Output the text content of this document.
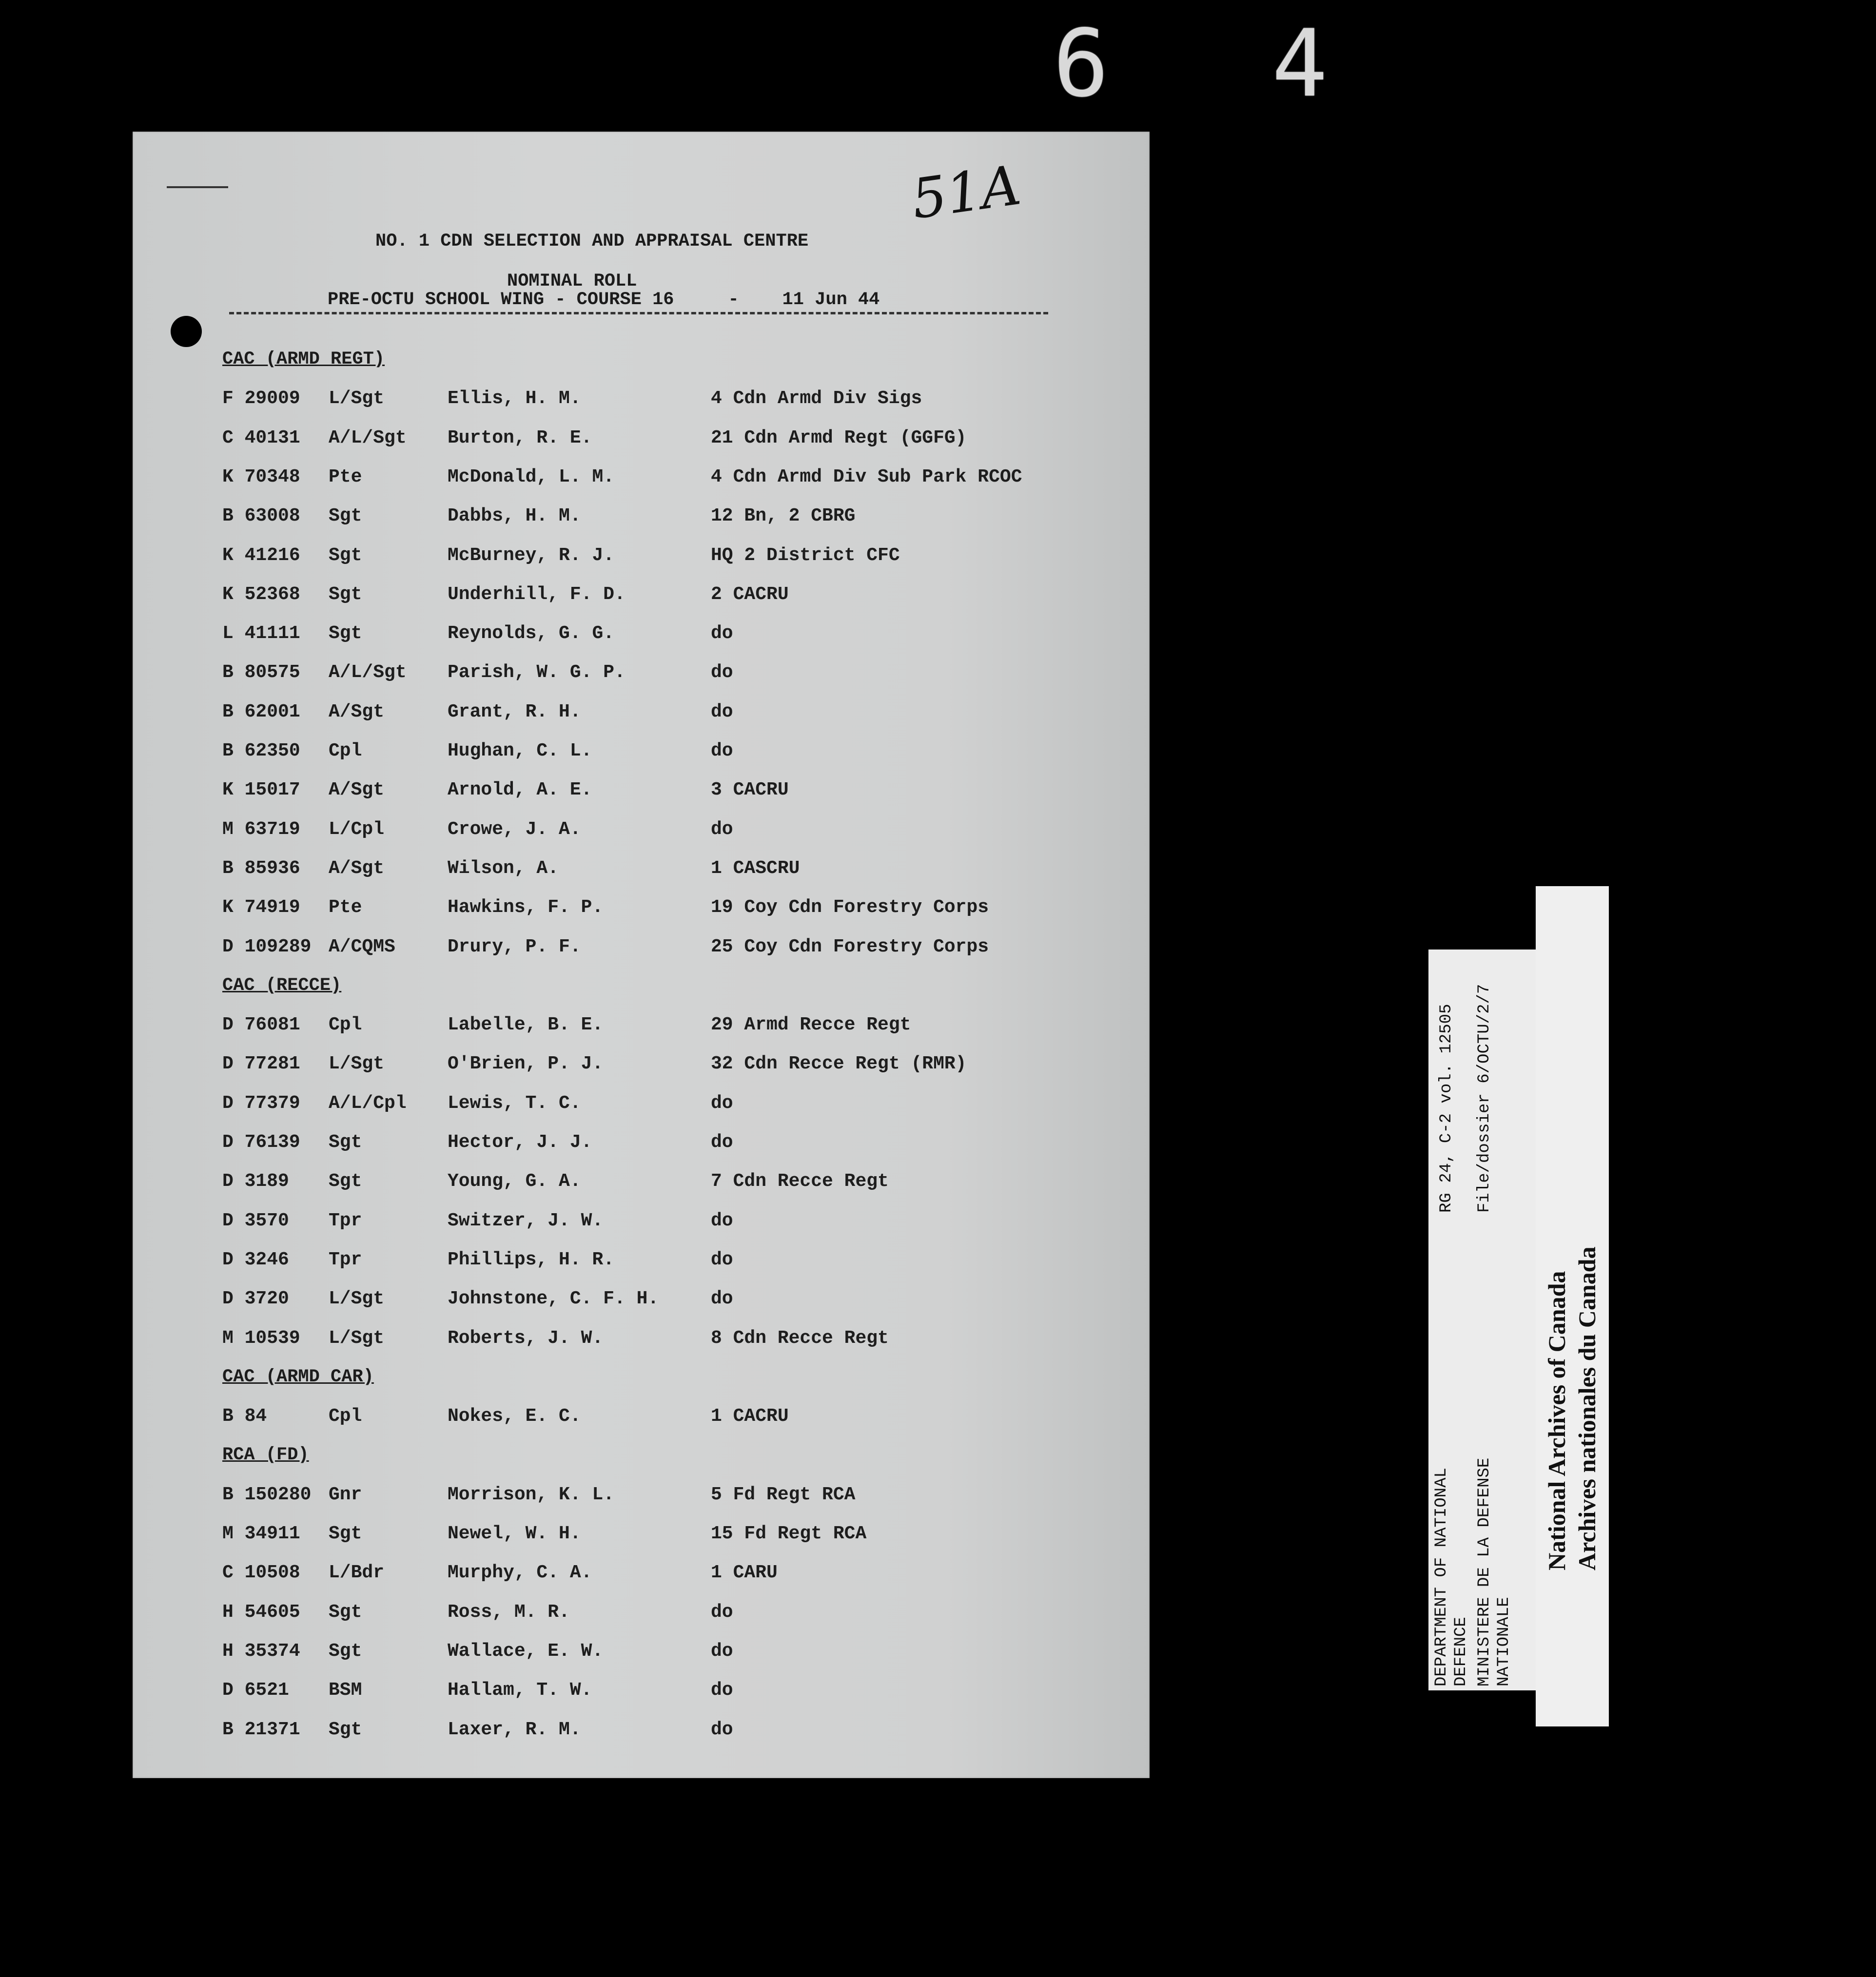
6 4
51A
NO. 1 CDN SELECTION AND APPRAISAL CENTRE
NOMINAL ROLL
PRE-OCTU SCHOOL WING - COURSE 16     -    11 Jun 44
CAC (ARMD REGT)
F 29009 L/Sgt	Ellis, H. M.	4 Cdn Armd Div Sigs
C 40131 A/L/Sgt Burton, R. E.	21 Cdn Armd Regt (GGFG)
K 70348 Pte	McDonald, L. M.	4 Cdn Armd Div Sub Park RCOC
B 63008 Sgt	Dabbs, H. M.	12 Bn, 2 CBRG
K 41216 Sgt	McBurney, R. J.	HQ 2 District CFC
K 52368 Sgt	Underhill, F. D.	2 CACRU
L 41111 Sgt	Reynolds, G. G.	do
B 80575 A/L/Sgt Parish, W. G. P.	do
B 62001 A/Sgt	Grant, R. H.	do
B 62350 Cpl	Hughan, C. L.	do
K 15017 A/Sgt	Arnold, A. E.	3 CACRU
M 63719 L/Cpl	Crowe, J. A.	do
B 85936 A/Sgt	Wilson, A.	1 CASCRU
K 74919 Pte	Hawkins, F. P.	19 Coy Cdn Forestry Corps
D 109289 A/CQMS	Drury, P. F.	25 Coy Cdn Forestry Corps
CAC (RECCE)
D 76081 Cpl	Labelle, B. E.	29 Armd Recce Regt
D 77281 L/Sgt	O'Brien, P. J.	32 Cdn Recce Regt (RMR)
D 77379 A/L/Cpl Lewis, T. C.	do
D 76139 Sgt	Hector, J. J.	do
D 3189 Sgt	Young, G. A.	7 Cdn Recce Regt
D 3570 Tpr	Switzer, J. W.	do
D 3246 Tpr	Phillips, H. R.	do
D 3720 L/Sgt	Johnstone, C. F. H.	do
M 10539 L/Sgt	Roberts, J. W.	8 Cdn Recce Regt
CAC (ARMD CAR)
B 84	Cpl	Nokes, E. C.	1 CACRU
RCA (FD)
B 150280 Gnr	Morrison, K. L.	5 Fd Regt RCA
M 34911 Sgt	Newel, W. H.	15 Fd Regt RCA
C 10508 L/Bdr	Murphy, C. A.	1 CARU
H 54605 Sgt	Ross, M. R.	do
H 35374 Sgt	Wallace, E. W.	do
D 6521 BSM	Hallam, T. W.	do
B 21371 Sgt	Laxer, R. M.	do
DEPARTMENT OF NATIONAL DEFENCE MINISTERE DE LA DEFENSE NATIONALE
RG 24, C-2 vol. 12505 File/dossier 6/OCTU/2/7
National Archives of Canada Archives nationales du Canada
